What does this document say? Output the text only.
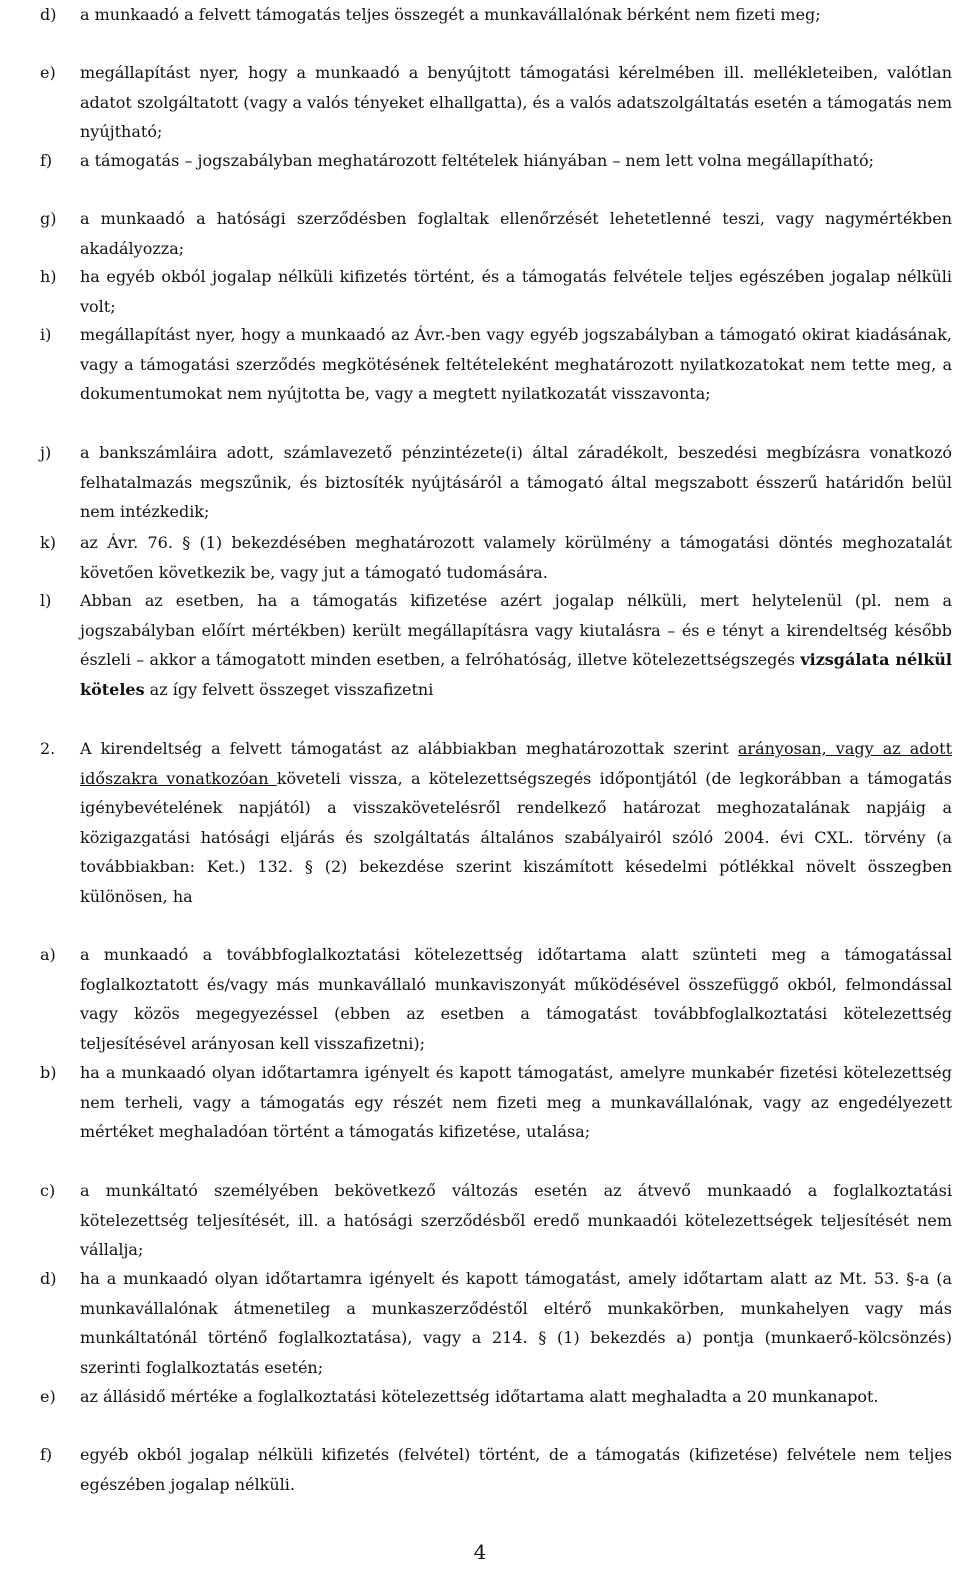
d) a munkaadó a felvett támogatás teljes összegét a munkavállalónak bérként nem fizeti meg;
e) megállapítást nyer, hogy a munkaadó a benyújtott támogatási kérelmében ill. mellékleteiben, valótlan adatot szolgáltatott (vagy a valós tényeket elhallgatta), és a valós adatszolgáltatás esetén a támogatás nem nyújtható;
f) a támogatás – jogszabályban meghatározott feltételek hiányában – nem lett volna megállapítható;
g) a munkaadó a hatósági szerződésben foglaltak ellenőrzését lehetetlenné teszi, vagy nagymértékben akadályozza;
h) ha egyéb okból jogalap nélküli kifizetés történt, és a támogatás felvétele teljes egészében jogalap nélküli volt;
i) megállapítást nyer, hogy a munkaadó az Ávr.-ben vagy egyéb jogszabályban a támogató okirat kiadásának, vagy a támogatási szerződés megkötésének feltételeként meghatározott nyilatkozatokat nem tette meg, a dokumentumokat nem nyújtotta be, vagy a megtett nyilatkozatát visszavonta;
j) a bankszámláira adott, számlavezető pénzintézete(i) által záradékolt, beszedési megbízásra vonatkozó felhatalmazás megszűnik, és biztosíték nyújtásáról a támogató által megszabott ésszerű határidőn belül nem intézkedik;
k) az Ávr. 76. § (1) bekezdésében meghatározott valamely körülmény a támogatási döntés meghozatalát követően következik be, vagy jut a támogató tudomására.
l) Abban az esetben, ha a támogatás kifizetése azért jogalap nélküli, mert helytelenül (pl. nem a jogszabályban előírt mértékben) került megállapításra vagy kiutalásra – és e tényt a kirendeltség később észleli – akkor a támogatott minden esetben, a felróhatóság, illetve kötelezettségszegés vizsgálata nélkül köteles az így felvett összeget visszafizetni
2. A kirendeltség a felvett támogatást az alábbiakban meghatározottak szerint arányosan, vagy az adott időszakra vonatkozóan követeli vissza, a kötelezettségszegés időpontjától (de legkorábban a támogatás igénybevételének napjától) a visszakövetelésről rendelkező határozat meghozatalának napjáig a közigazgatási hatósági eljárás és szolgáltatás általános szabályairól szóló 2004. évi CXL. törvény (a továbbiakban: Ket.) 132. § (2) bekezdése szerint kiszámított késedelmi pótlékkal növelt összegben különösen, ha
a) a munkaadó a továbbfoglalkoztatási kötelezettség időtartama alatt szünteti meg a támogatással foglalkoztatott és/vagy más munkavállaló munkaviszonyát működésével összefüggő okból, felmondással vagy közös megegyezéssel (ebben az esetben a támogatást továbbfoglalkoztatási kötelezettség teljesítésével arányosan kell visszafizetni);
b) ha a munkaadó olyan időtartamra igényelt és kapott támogatást, amelyre munkabér fizetési kötelezettség nem terheli, vagy a támogatás egy részét nem fizeti meg a munkavállalónak, vagy az engedélyezett mértéket meghaladóan történt a támogatás kifizetése, utalása;
c) a munkáltató személyében bekövetkező változás esetén az átvevő munkaadó a foglalkoztatási kötelezettség teljesítését, ill. a hatósági szerződésből eredő munkaadói kötelezettségek teljesítését nem vállalja;
d) ha a munkaadó olyan időtartamra igényelt és kapott támogatást, amely időtartam alatt az Mt. 53. §-a (a munkavállalónak átmenetileg a munkaszerződéstől eltérő munkakörben, munkahelyen vagy más munkáltatónál történő foglalkoztatása), vagy a 214. § (1) bekezdés a) pontja (munkaerő-kölcsönzés) szerinti foglalkoztatás esetén;
e) az állásidő mértéke a foglalkoztatási kötelezettség időtartama alatt meghaladta a 20 munkanapot.
f) egyéb okból jogalap nélküli kifizetés (felvétel) történt, de a támogatás (kifizetése) felvétele nem teljes egészében jogalap nélküli.
4
